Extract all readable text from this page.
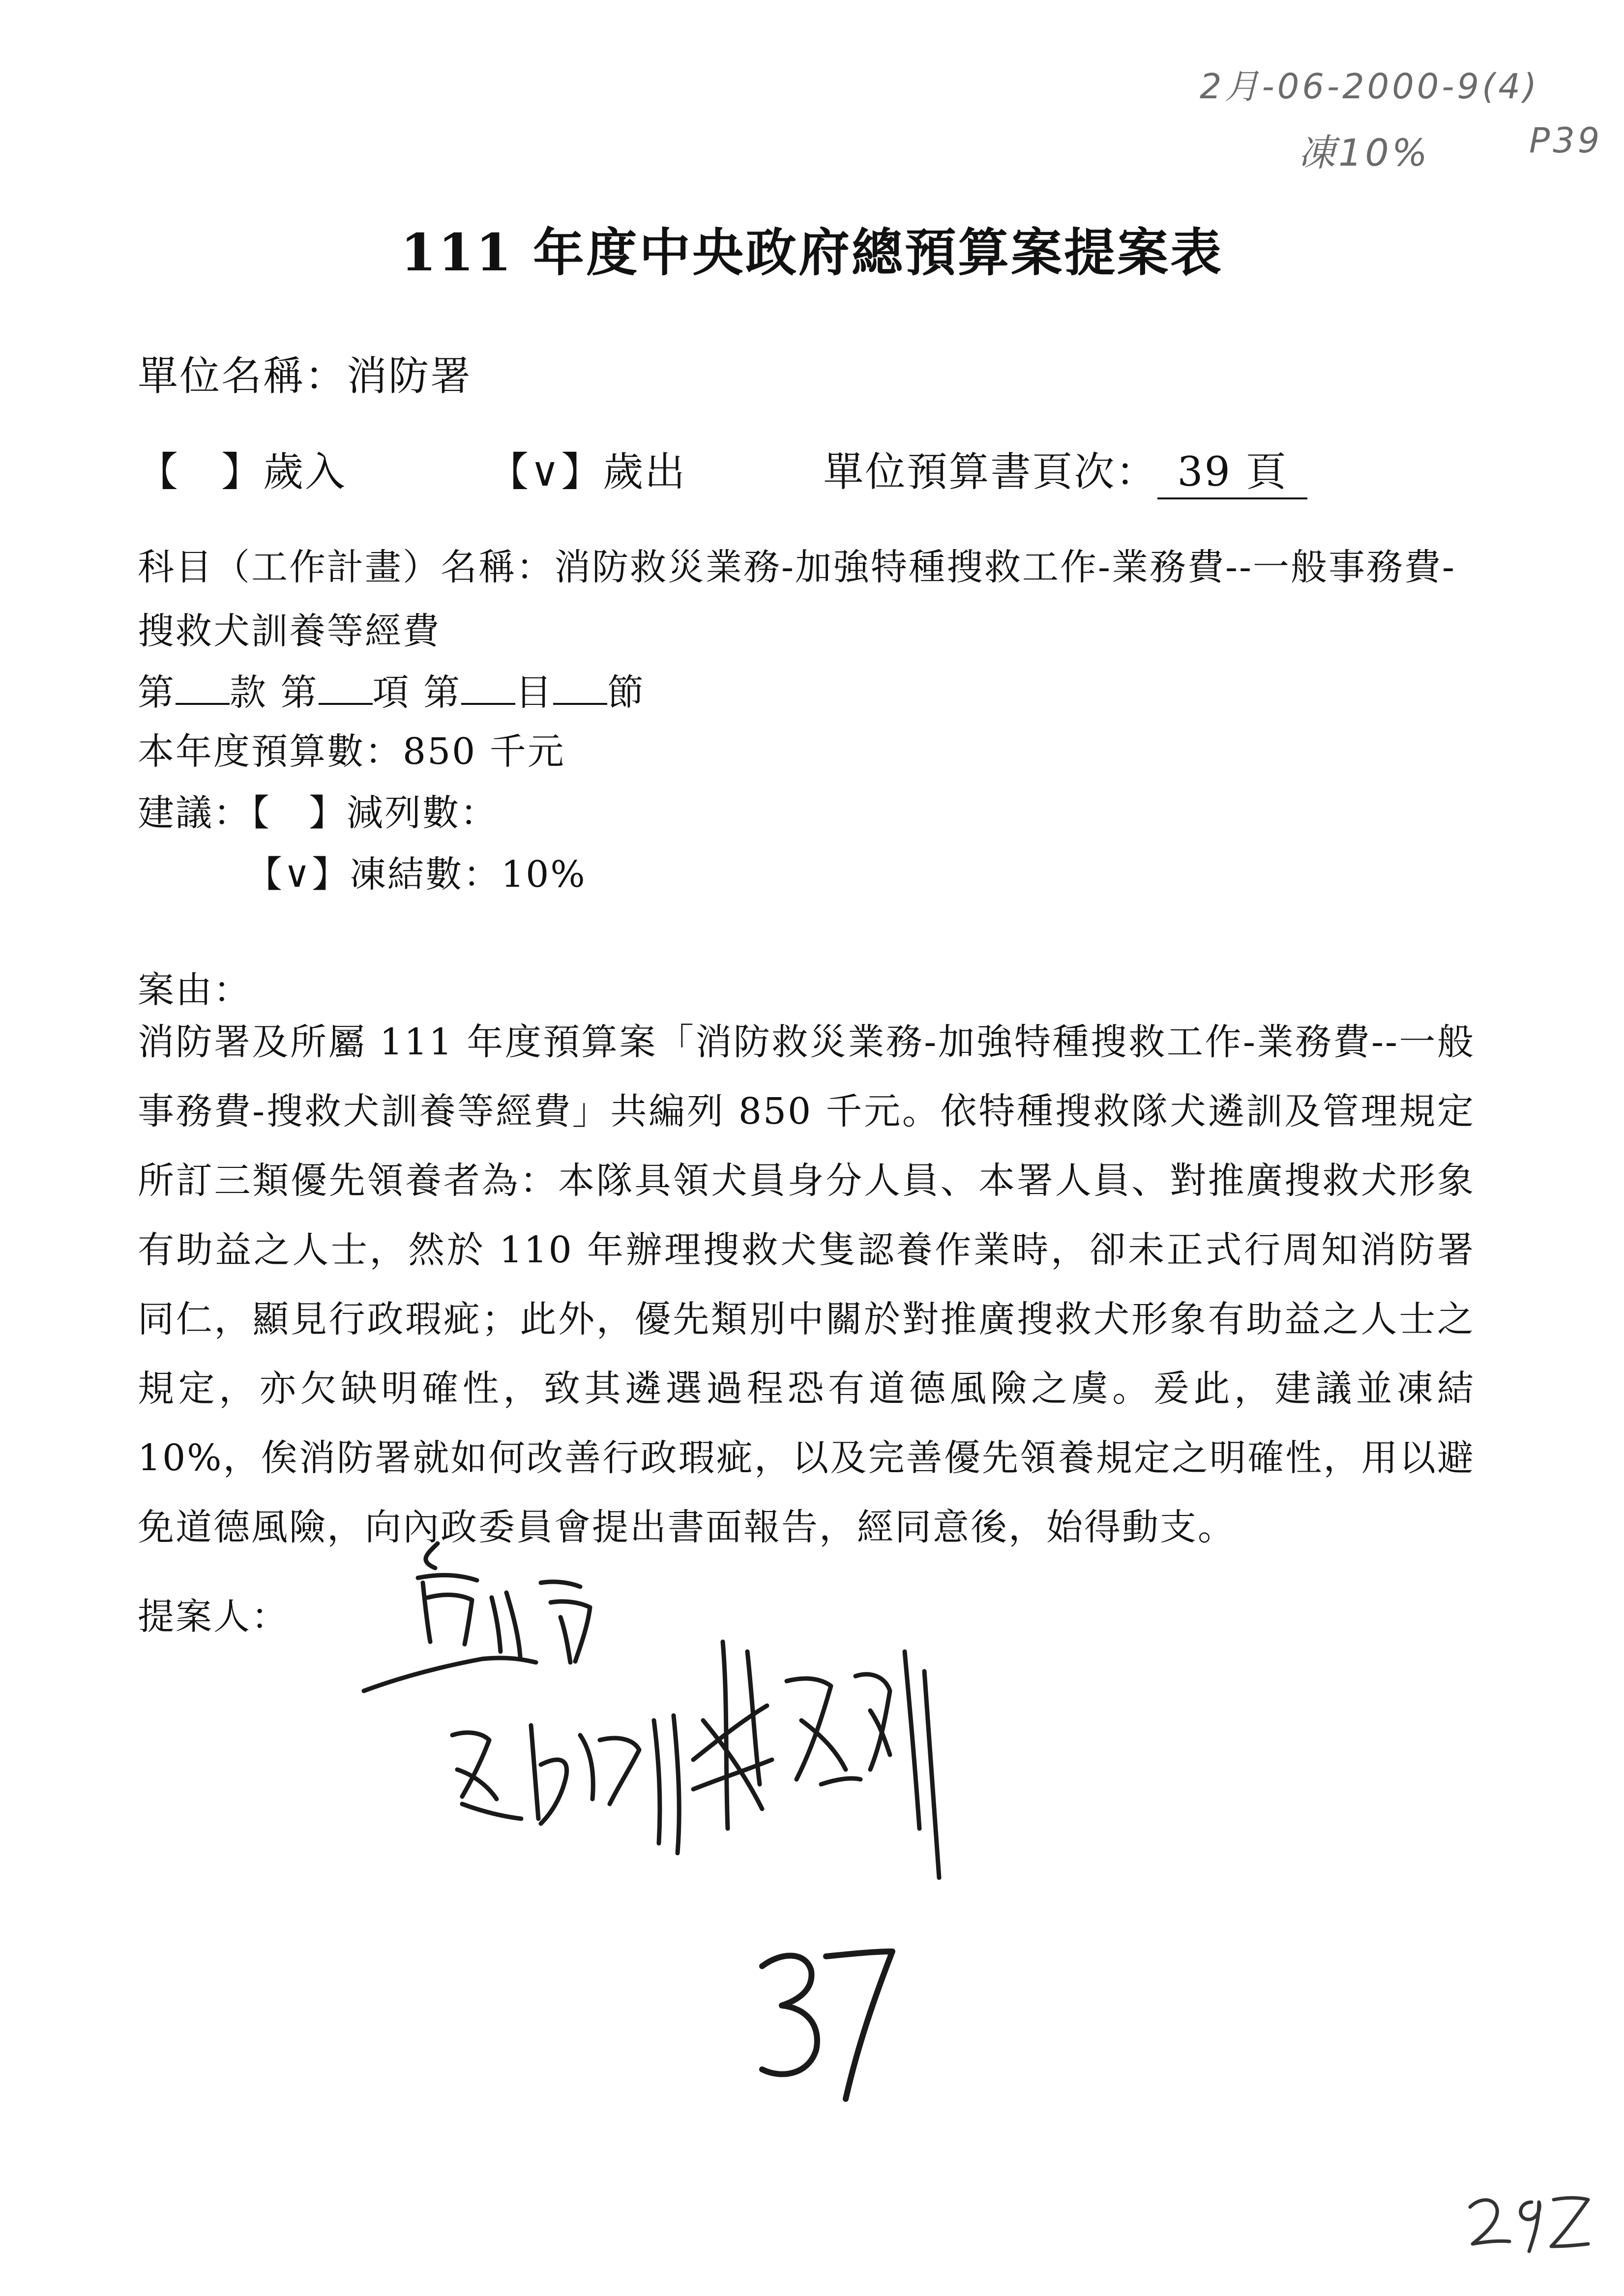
2月-06-2000-9(4)
凍10%	P39
111 年度中央政府總預算案提案表
單位名稱：消防署
【　】歲入	【∨】歲出	單位預算書頁次： 39 頁
科目（工作計畫）名稱：消防救災業務-加強特種搜救工作-業務費--一般事務費-
搜救犬訓養等經費
第 款 第 項 第 目 節
本年度預算數：850 千元
建議：【　】減列數：
【∨】凍結數：10%
案由：
消防署及所屬 111 年度預算案「消防救災業務-加強特種搜救工作-業務費--一般事務費-搜救犬訓養等經費」共編列 850 千元。依特種搜救隊犬遴訓及管理規定所訂三類優先領養者為：本隊具領犬員身分人員、本署人員、對推廣搜救犬形象有助益之人士，然於 110 年辦理搜救犬隻認養作業時，卻未正式行周知消防署同仁，顯見行政瑕疵；此外，優先類別中關於對推廣搜救犬形象有助益之人士之規定，亦欠缺明確性，致其遴選過程恐有道德風險之虞。爰此，建議並凍結 10%，俟消防署就如何改善行政瑕疵，以及完善優先領養規定之明確性，用以避免道德風險，向內政委員會提出書面報告，經同意後，始得動支。
提案人：
